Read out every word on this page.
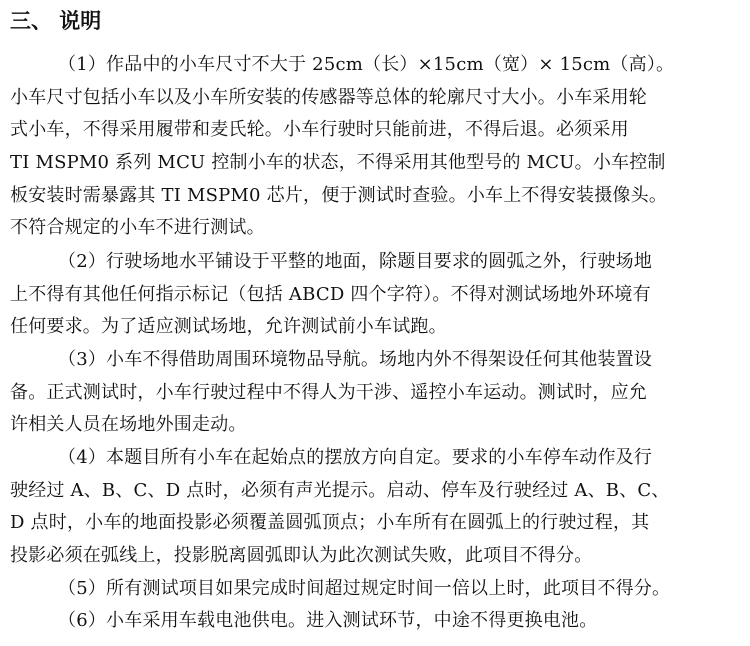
三、 说明
（1）作品中的小车尺寸不大于 25cm（长）×15cm（宽）× 15cm（高）。
小车尺寸包括小车以及小车所安装的传感器等总体的轮廓尺寸大小。小车采用轮
式小车，不得采用履带和麦氏轮。小车行驶时只能前进，不得后退。必须采用
TI MSPM0 系列 MCU 控制小车的状态，不得采用其他型号的 MCU。小车控制
板安装时需暴露其 TI MSPM0 芯片，便于测试时查验。小车上不得安装摄像头。
不符合规定的小车不进行测试。
（2）行驶场地水平铺设于平整的地面，除题目要求的圆弧之外，行驶场地
上不得有其他任何指示标记（包括 ABCD 四个字符）。不得对测试场地外环境有
任何要求。为了适应测试场地，允许测试前小车试跑。
（3）小车不得借助周围环境物品导航。场地内外不得架设任何其他装置设
备。正式测试时，小车行驶过程中不得人为干涉、遥控小车运动。测试时，应允
许相关人员在场地外围走动。
（4）本题目所有小车在起始点的摆放方向自定。要求的小车停车动作及行
驶经过 A、B、C、D 点时，必须有声光提示。启动、停车及行驶经过 A、B、C、
D 点时，小车的地面投影必须覆盖圆弧顶点；小车所有在圆弧上的行驶过程，其
投影必须在弧线上，投影脱离圆弧即认为此次测试失败，此项目不得分。
（5）所有测试项目如果完成时间超过规定时间一倍以上时，此项目不得分。
（6）小车采用车载电池供电。进入测试环节，中途不得更换电池。
